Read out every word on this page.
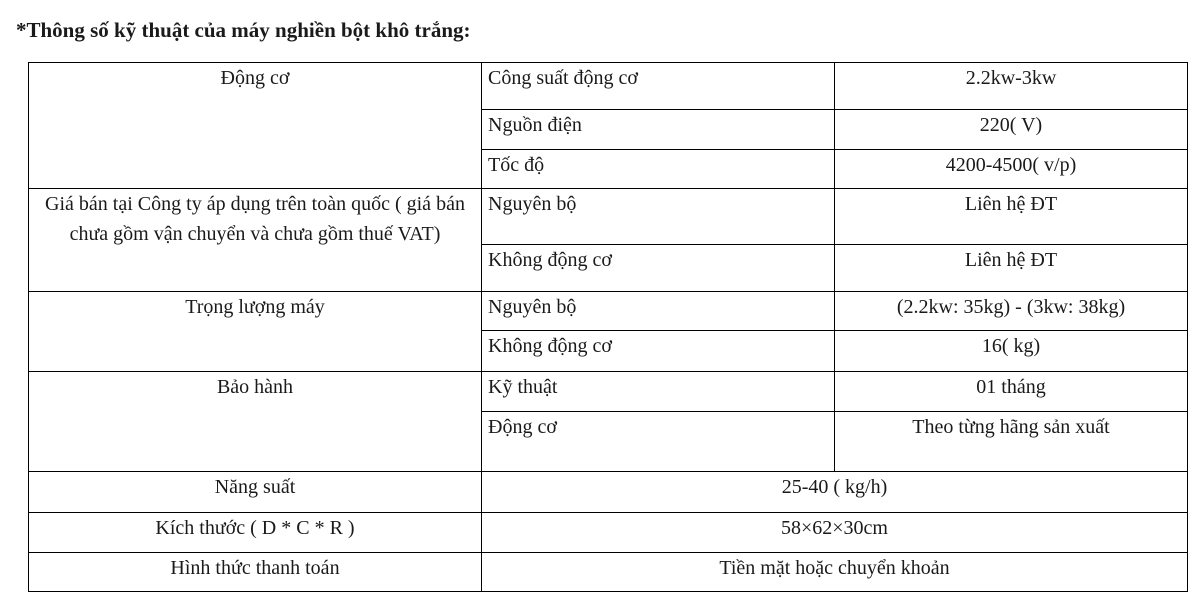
*Thông số kỹ thuật của máy nghiền bột khô trắng:
Động cơ	Công suất động cơ	2.2kw-3kw
	Nguồn điện	220( V)
	Tốc độ	4200-4500( v/p)
Giá bán tại Công ty áp dụng trên toàn quốc ( giá bán chưa gồm vận chuyển và chưa gồm thuế VAT)	Nguyên bộ	Liên hệ ĐT
	Không động cơ	Liên hệ ĐT
Trọng lượng máy	Nguyên bộ	(2.2kw: 35kg) - (3kw: 38kg)
	Không động cơ	16( kg)
Bảo hành	Kỹ thuật	01 tháng
	Động cơ	Theo từng hãng sản xuất
Năng suất	25-40 ( kg/h)	
Kích thước ( D * C * R )	58×62×30cm	
Hình thức thanh toán	Tiền mặt hoặc chuyển khoản	
